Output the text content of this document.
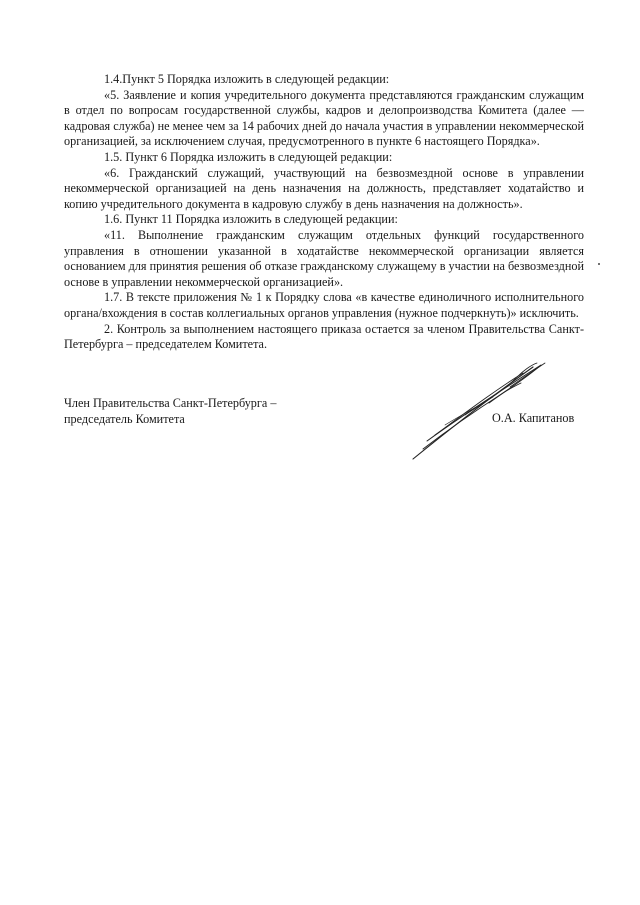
1.4.Пункт 5 Порядка изложить в следующей редакции:

«5. Заявление и копия учредительного документа представляются гражданским служащим в отдел по вопросам государственной службы, кадров и делопроизводства Комитета (далее — кадровая служба) не менее чем за 14 рабочих дней до начала участия в управлении некоммерческой организацией, за исключением случая, предусмотренного в пункте 6 настоящего Порядка».

1.5. Пункт 6 Порядка изложить в следующей редакции:

«6. Гражданский служащий, участвующий на безвозмездной основе в управлении некоммерческой организацией на день назначения на должность, представляет ходатайство и копию учредительного документа в кадровую службу в день назначения на должность».

1.6. Пункт 11 Порядка изложить в следующей редакции:

«11. Выполнение гражданским служащим отдельных функций государственного управления в отношении указанной в ходатайстве некоммерческой организации является основанием для принятия решения об отказе гражданскому служащему в участии на безвозмездной основе в управлении некоммерческой организацией».

1.7. В тексте приложения № 1 к Порядку слова «в качестве единоличного исполнительного органа/вхождения в состав коллегиальных органов управления (нужное подчеркнуть)» исключить.

2. Контроль за выполнением настоящего приказа остается за членом Правительства Санкт-Петербурга – председателем Комитета.

Член Правительства Санкт-Петербурга –
председатель Комитета	О.А. Капитанов
